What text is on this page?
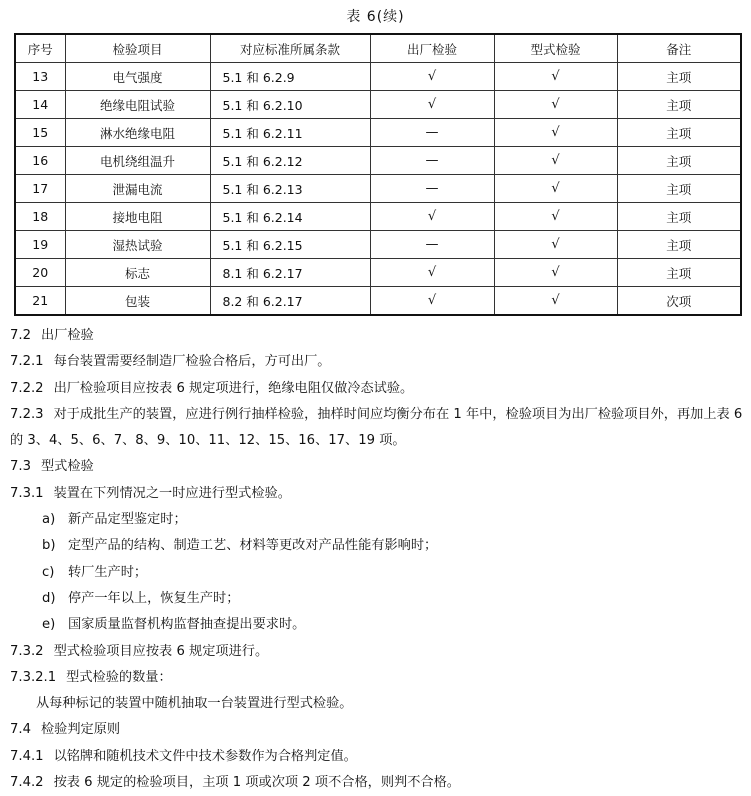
表 6(续)
序号	检验项目	对应标准所属条款	出厂检验	型式检验	备注
13	电气强度	5.1 和 6.2.9	√	√	主项
14	绝缘电阻试验	5.1 和 6.2.10	√	√	主项
15	淋水绝缘电阻	5.1 和 6.2.11	—	√	主项
16	电机绕组温升	5.1 和 6.2.12	—	√	主项
17	泄漏电流	5.1 和 6.2.13	—	√	主项
18	接地电阻	5.1 和 6.2.14	√	√	主项
19	湿热试验	5.1 和 6.2.15	—	√	主项
20	标志	8.1 和 6.2.17	√	√	主项
21	包装	8.2 和 6.2.17	√	√	次项

7.2 出厂检验

7.2.1 每台装置需要经制造厂检验合格后，方可出厂。

7.2.2 出厂检验项目应按表 6 规定项进行，绝缘电阻仅做冷态试验。

7.2.3 对于成批生产的装置，应进行例行抽样检验，抽样时间应均衡分布在 1 年中，检验项目为出厂检验项目外，再加上表 6 的 3、4、5、6、7、8、9、10、11、12、15、16、17、19 项。

7.3 型式检验

7.3.1 装置在下列情况之一时应进行型式检验。

a) 新产品定型鉴定时；

b) 定型产品的结构、制造工艺、材料等更改对产品性能有影响时；

c) 转厂生产时；

d) 停产一年以上，恢复生产时；

e) 国家质量监督机构监督抽查提出要求时。

7.3.2 型式检验项目应按表 6 规定项进行。

7.3.2.1 型式检验的数量：

从每种标记的装置中随机抽取一台装置进行型式检验。

7.4 检验判定原则

7.4.1 以铭牌和随机技术文件中技术参数作为合格判定值。

7.4.2 按表 6 规定的检验项目，主项 1 项或次项 2 项不合格，则判不合格。
